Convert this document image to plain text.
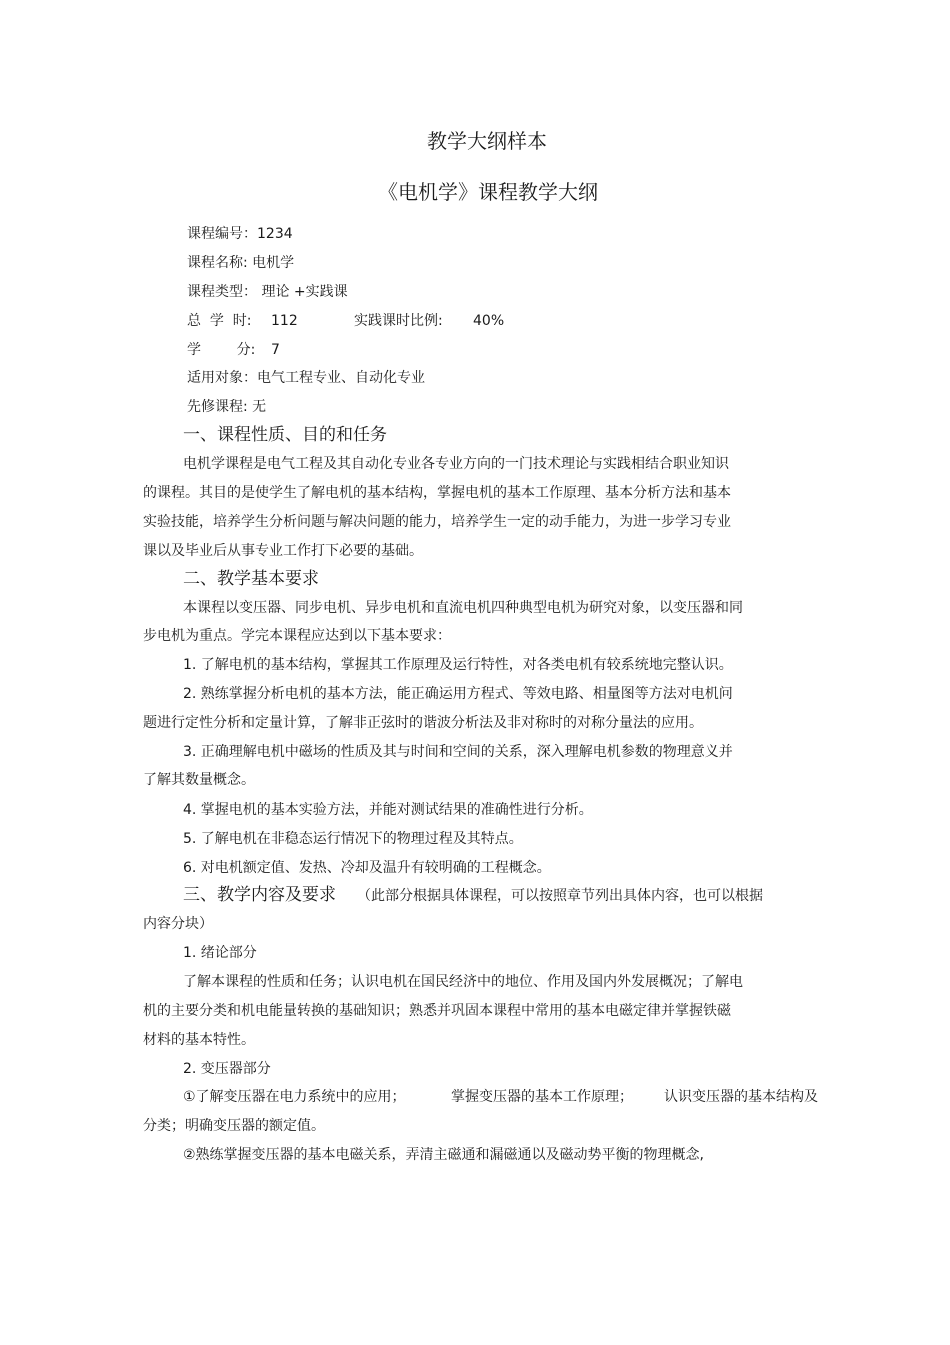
教学大纲样本
《电机学》课程教学大纲
课程编号：1234
课程名称: 电机学
课程类型： 理论 +实践课
总  学  时: 112	实践课时比例: 40%
学        分: 7
适用对象：电气工程专业、自动化专业
先修课程: 无
一、课程性质、目的和任务
电机学课程是电气工程及其自动化专业各专业方向的一门技术理论与实践相结合职业知识
的课程。其目的是使学生了解电机的基本结构，掌握电机的基本工作原理、基本分析方法和基本
实验技能，培养学生分析问题与解决问题的能力，培养学生一定的动手能力，为进一步学习专业
课以及毕业后从事专业工作打下必要的基础。
二、教学基本要求
本课程以变压器、同步电机、异步电机和直流电机四种典型电机为研究对象，以变压器和同
步电机为重点。学完本课程应达到以下基本要求：
1. 了解电机的基本结构，掌握其工作原理及运行特性，对各类电机有较系统地完整认识。
2. 熟练掌握分析电机的基本方法，能正确运用方程式、等效电路、相量图等方法对电机问
题进行定性分析和定量计算，了解非正弦时的谐波分析法及非对称时的对称分量法的应用。
3. 正确理解电机中磁场的性质及其与时间和空间的关系，深入理解电机参数的物理意义并
了解其数量概念。
4. 掌握电机的基本实验方法，并能对测试结果的准确性进行分析。
5. 了解电机在非稳态运行情况下的物理过程及其特点。
6. 对电机额定值、发热、冷却及温升有较明确的工程概念。
三、教学内容及要求 （此部分根据具体课程，可以按照章节列出具体内容，也可以根据
内容分块）
1. 绪论部分
了解本课程的性质和任务；认识电机在国民经济中的地位、作用及国内外发展概况；了解电
机的主要分类和机电能量转换的基础知识；熟悉并巩固本课程中常用的基本电磁定律并掌握铁磁
材料的基本特性。
2. 变压器部分
①了解变压器在电力系统中的应用；	掌握变压器的基本工作原理； 认识变压器的基本结构及
分类；明确变压器的额定值。
②熟练掌握变压器的基本电磁关系，弄清主磁通和漏磁通以及磁动势平衡的物理概念,
